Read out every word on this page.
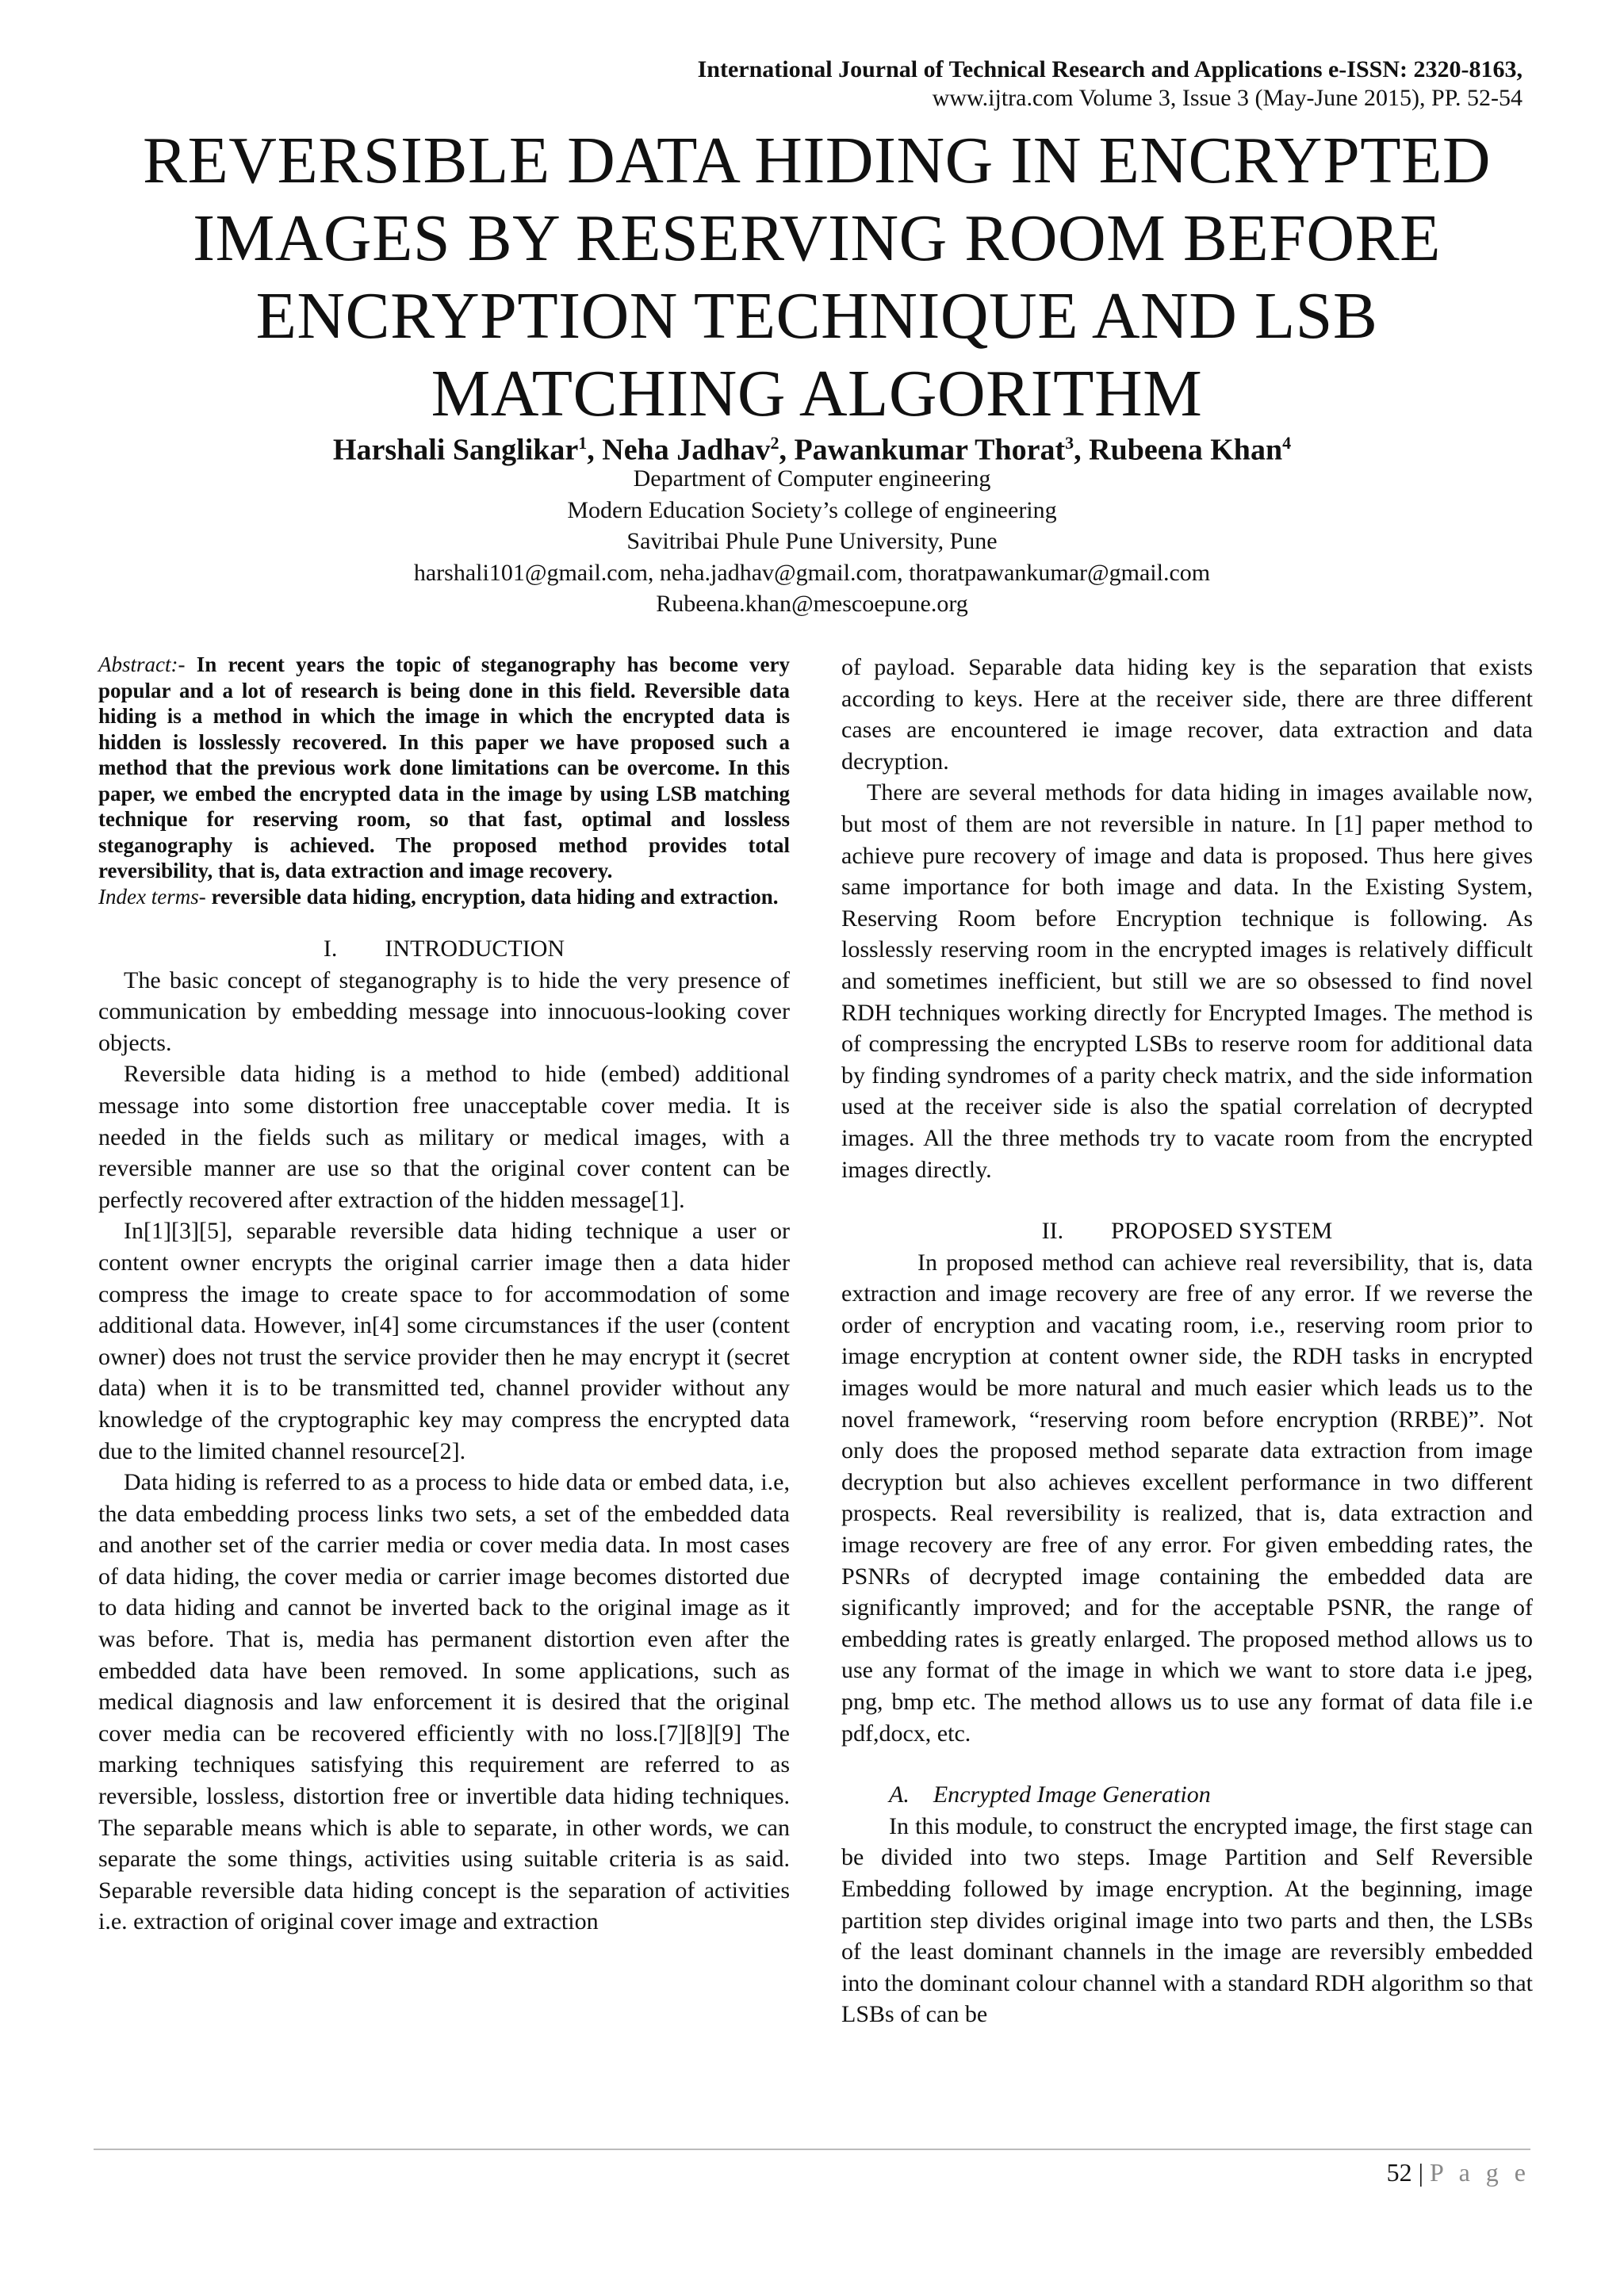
International Journal of Technical Research and Applications e-ISSN: 2320-8163,
www.ijtra.com Volume 3, Issue 3 (May-June 2015), PP. 52-54
REVERSIBLE DATA HIDING IN ENCRYPTED IMAGES BY RESERVING ROOM BEFORE ENCRYPTION TECHNIQUE AND LSB MATCHING ALGORITHM
Harshali Sanglikar$^1$, Neha Jadhav$^2$, Pawankumar Thorat$^3$, Rubeena Khan$^4$
Department of Computer engineering
Modern Education Society’s college of engineering
Savitribai Phule Pune University, Pune
harshali101@gmail.com, neha.jadhav@gmail.com, thoratpawankumar@gmail.com
Rubeena.khan@mescoepune.org

Abstract:- In recent years the topic of steganography has become very popular and a lot of research is being done in this field. Reversible data hiding is a method in which the image in which the encrypted data is hidden is losslessly recovered. In this paper we have proposed such a method that the previous work done limitations can be overcome. In this paper, we embed the encrypted data in the image by using LSB matching technique for reserving room, so that fast, optimal and lossless steganography is achieved. The proposed method provides total reversibility, that is, data extraction and image recovery.

Index terms- reversible data hiding, encryption, data hiding and extraction.

I.        INTRODUCTION

The basic concept of steganography is to hide the very presence of communication by embedding message into innocuous-looking cover objects.

Reversible data hiding is a method to hide (embed) additional message into some distortion free unacceptable cover media. It is needed in the fields such as military or medical images, with a reversible manner are use so that the original cover content can be perfectly recovered after extraction of the hidden message[1].

In[1][3][5], separable reversible data hiding technique a user or content owner encrypts the original carrier image then a data hider compress the image to create space to for accommodation of some additional data. However, in[4] some circumstances if the user (content owner) does not trust the service provider then he may encrypt it (secret data) when it is to be transmitted ted, channel provider without any knowledge of the cryptographic key may compress the encrypted data due to the limited channel resource[2].

Data hiding is referred to as a process to hide data or embed data, i.e, the data embedding process links two sets, a set of the embedded data and another set of the carrier media or cover media data. In most cases of data hiding, the cover media or carrier image becomes distorted due to data hiding and cannot be inverted back to the original image as it was before. That is, media has permanent distortion even after the embedded data have been removed. In some applications, such as medical diagnosis and law enforcement it is desired that the original cover media can be recovered efficiently with no loss.[7][8][9] The marking techniques satisfying this requirement are referred to as reversible, lossless, distortion free or invertible data hiding techniques. The separable means which is able to separate, in other words, we can separate the some things, activities using suitable criteria is as said. Separable reversible data hiding concept is the separation of activities i.e. extraction of original cover image and extraction

of payload. Separable data hiding key is the separation that exists according to keys. Here at the receiver side, there are three different cases are encountered ie image recover, data extraction and data decryption.

There are several methods for data hiding in images available now, but most of them are not reversible in nature. In [1] paper method to achieve pure recovery of image and data is proposed. Thus here gives same importance for both image and data. In the Existing System, Reserving Room before Encryption technique is following. As losslessly reserving room in the encrypted images is relatively difficult and sometimes inefficient, but still we are so obsessed to find novel RDH techniques working directly for Encrypted Images. The method is of compressing the encrypted LSBs to reserve room for additional data by finding syndromes of a parity check matrix, and the side information used at the receiver side is also the spatial correlation of decrypted images. All the three methods try to vacate room from the encrypted images directly.

II.        PROPOSED SYSTEM

In proposed method can achieve real reversibility, that is, data extraction and image recovery are free of any error. If we reverse the order of encryption and vacating room, i.e., reserving room prior to image encryption at content owner side, the RDH tasks in encrypted images would be more natural and much easier which leads us to the novel framework, “reserving room before encryption (RRBE)”. Not only does the proposed method separate data extraction from image decryption but also achieves excellent performance in two different prospects. Real reversibility is realized, that is, data extraction and image recovery are free of any error. For given embedding rates, the PSNRs of decrypted image containing the embedded data are significantly improved; and for the acceptable PSNR, the range of embedding rates is greatly enlarged. The proposed method allows us to use any format of the image in which we want to store data i.e jpeg, png, bmp etc. The method allows us to use any format of data file i.e pdf,docx, etc.

A.    Encrypted Image Generation

In this module, to construct the encrypted image, the first stage can be divided into two steps. Image Partition and Self Reversible Embedding followed by image encryption. At the beginning, image partition step divides original image into two parts and then, the LSBs of the least dominant channels in the image are reversibly embedded into the dominant colour channel with a standard RDH algorithm so that LSBs of can be

52 | P a g e
